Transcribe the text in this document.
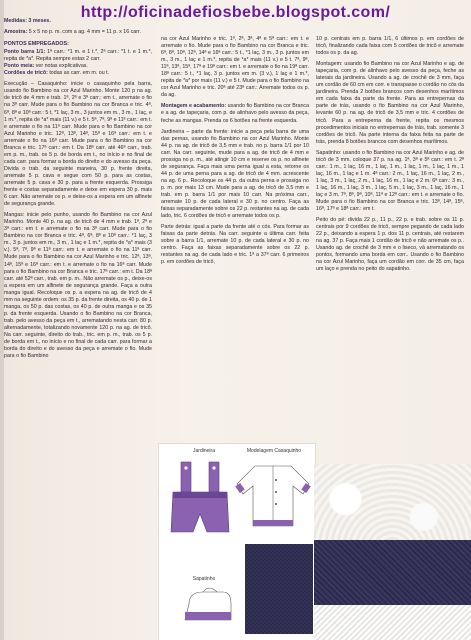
http://oficinadefiosbebe.blogspot.com/

Medidas: 3 meses.

Amostra: 5 x 5 no p. m. com a ag. 4 mm = 11 p. x 16 carr.

PONTOS EMPREGADOS:

Ponto barra 1/1: 1ª carr.: *1 m. e 1 t.*, 2ª carr.: *1 t. e 1 m.*, repita de *a*. Repita sempre estas 2 carr.

Ponto meia: ver notas explicativas.

Cordões de tricô: todas as carr. em m. ou t.

Execução – Casaquinho: inicie o casaquinho pela barra, usando fio Bambino na cor Azul Marinho. Monte 120 p na ag. de tricô de 4 mm e trab. 1ª, 2ª e 3ª carr.: em t., arremate o fio na 3ª carr. Mude para o fio Bambino na cor Branca e tric. 4ª, 6ª, 8ª e 10ª carr.: 5 t, *1 laç, 3 m., 3 juntos em m., 3 m., 1 laç, e 1 m.*, repita de *a* mais (11 v.) e 5 t. 5ª, 7ª, 9ª e 11ª carr.: em t. e arremate o fio na 11ª carr. Mude para o fio Bambino na cor Azul Marinho e tric. 12ª, 13ª, 14ª, 15ª e 16ª carr.: em t. e arremate o fio na 16ª carr. Mude para o fio Bambino na cor Branca e tric. 17ª carr.: em t. Da 18ª carr. até 46ª carr., trab. em p. m., trab. os 5 p. de borda em t., no início e no final de cada carr. para formar a borda do direito e do avesso da peça. Divida o trab. da seguinte maneira, 30 p. frente direita, arremate 5 p. cava e segue com 50 p. para as costas, arremate 5 p. cava e 30 p. para a frente esquerda. Prossiga frente e costas separadamente e deixe em espera 30 p. mais 6 carr. Não arremate os p. e deixe-os a espera em um alfinete de segurança grande.

Mangas: inicie pelo punho, usando fio Bambino na cor Azul Marinho. Monte 40 p. na ag. de tricô de 4 mm e trab. 1ª, 2ª e 3ª carr.: em t. e arremate o fio na 3ª carr. Mude para o fio Bambino na cor Branca e tric. 4ª, 6ª, 8ª e 10ª carr.: *1 laç, 3 m., 3 p. juntos em m., 3 m., 1 laç e 1 m.*, repita de *a* mais (3 v.). 5ª, 7ª, 9ª e 11ª carr.: em t. e arremate o fio na 11ª carr. Mude para o fio Bambino na cor Azul Marinho e tric. 12ª, 13ª, 14ª, 15ª e 16ª carr.: em t. e arremate o fio na 16ª carr. Mude para o fio Bambino na cor Branca e tric. 17ª carr.: em t. Da 18ª carr. até 52ª carr., trab. em p. m.. Não arremate os p., deixe-os a espera em um alfinete de segurança grande. Faça a outra manga igual. Recoloque os p. a espera na ag. de tricô de 4 mm na seguinte ordem: os 35 p. da frente direita, os 40 p. de 1 manga, os 50 p. das costas, os 40 p. de outra manga e os 35 p. da frente esquerda. Usando o fio Bambino na cor Branca, trab. pelo avesso da peça em t., arrematando nesta carr. 80 p. alternadamente, totalizando novamente 120 p. na ag. de tricô. Na carr. seguinte, direito do trab., tric. em p. m., trab. os 5 p. de borda em t., no início e no final de cada carr. para formar a borda do direito e do avesso da peça e arremate o fio. Mude para o fio Bambino

na cor Azul Marinho e tric. 1ª, 2ª, 3ª, 4ª e 5ª carr.: em t. e arremate o fio. Mude para o fio Bambino na cor Branca e tric. 6ª, 8ª, 10ª, 12ª, 14ª e 16ª carr.: 5 t., *1 laç, 3 m., 3 p. juntos em m., 3 m., 1 laç e 1 m.*, repita de *a* mais (11 v.) e 5 t. 7ª, 9ª, 11ª, 13ª, 15ª, 17ª e 19ª carr.: em t. e arremate o fio na 19ª carr. 18ª carr.: 5 t., *1 laç, 3 p. juntos em m. (3 v.), 1 laç e 1 m.*, repita de *a* por mais (11 v.) e 5 t. Mude para o fio Bambino na cor Azul Marinho e tric. 20ª até 23ª carr.: Arremate todos os p. da ag.

Montagem e acabamento: usando fio Bambino na cor Branca e a ag. de tapeçaria, com p. de alinhavo pelo avesso da peça, feche as mangas. Prenda os 6 botões na frente esquerda.

Jardineira – parte da frente: inicie a peça pela barra de uma das pernas, usando fio Bambino na cor Azul Marinho. Monte 44 p. na ag. de tricô de 3,5 mm e trab. no p. barra 1/1 por 10 carr. Na carr. seguinte, mude para a ag. de tricô de 4 mm e prossiga no p. m., até atingir 10 cm e reserve os p. no alfinete de segurança. Faça mais uma perna igual a esta, retorne os 44 p. de uma perna para a ag. de tricô de 4 mm. acrescente na ag. 6 p.. Recoloque os 44 p. da outra perna e prossiga no p. m. por mais 13 cm. Mude para a ag. de tricô de 3,5 mm e trab. em p. barra 1/1 por mais 10 carr. Na próxima carr., arremate 10 p. de cada lateral e 30 p. no centro. Faça as faixas separadamente sobre os 22 p. restantes na ag. de cada lado, tric. 6 cordões de tricô e arremate todos os p.

Parte detrás: igual a parte da frente até o cós. Para formar as faixas da parte detrás. Na carr. seguinte a última carr. feita sobre a barra 1/1, arremate 10 p. de cada lateral e 30 p. no centro. Faça as faixas separadamente sobre os 22 p. restantes na ag. de cada lado e tric. 1ª a 37ª carr. 6 primeiros p. em cordões de tricô,

10 p. centrais em p. barra 1/1, 6 últimos p. em cordões de tricô, finalizando cada faixa com 5 cordões de tricô e arremate todos os p. da ag.

Montagem: usando fio Bambino na cor Azul Marinho e ag. de tapeçaria, com p. de alinhavo pelo avesso da peça, feche as laterais da jardineira. Usando a ag. de crochê de 3 mm, faça um cordão de 60 cm em corr. e transpasse o cordão no cós da jardineira. Prenda 2 botões brancos com desenhos marítimos em cada faixa da parte da frente. Para as entrepernas da parte de trás, usando o fio Bambino na cor Azul Marinho, levante 60 p. na ag. de tricô de 3,5 mm e tric. 4 cordões de tricô. Para a entreperna da frente, repita os mesmos procedimentos iniciais no entrepernas de trás, trab. somente 3 cordões de tricô. Na parte interna da faixa feita na parte de trás, prenda 8 botões brancos com desenhos marítimos.

Sapatinho: usando o fio Bambino na cor Azul Marinho e ag. de tricô de 3 mm, coloque 37 p. na ag. 1ª, 3ª e 5ª carr.: em t. 2ª carr.: 1 m., 1 laç, 16 m., 1 laç, 1 m., 1 laç, 1 m., 1 laç, 1 m., 1 laç, 16 m., 1 laç e 1 m. 4ª carr.: 2 m., 1 laç, 16 m., 1 laç, 2 m., 1 laç, 3 m., 1 laç, 2 m., 1 laç, 16 m., 1 laç e 2 m. 6ª carr.: 3 m., 1 laç, 16 m., 1 laç, 3 m., 1 laç, 5 m., 1 laç, 3 m., 1 laç, 16 m., 1 laç e 3 m. 7ª, 8ª, 9ª, 10ª, 11ª e 12ª carr.: em t. e arremate o fio. Mude para o fio Bambino na cor Branca e tric. 13ª, 14ª, 15ª, 16ª, 17ª e 18ª carr.: em t.

Peito do pé: divida 22 p., 11 p., 22 p. e trab. sobre os 11 p. centrais por 9 cordões de tricô, sempre pegando de cada lado 22 p., deixando a espera 1 p. dos 11 p. centrais, até restarem na ag. 37 p. Faça mais 1 cordão de tricô e não arremate os p.. Usando ag. de crochê de 3 mm e o liseco, vá arrematando os pontos, formando uma borda em corr.. Usando o fio Bambino na cor Azul Marinho, faça um cordão em corr. de 35 cm, faça um laço e prenda no peito do sapatinho.

Jardineira	Modelagem Casaquinho
Sapatinho
